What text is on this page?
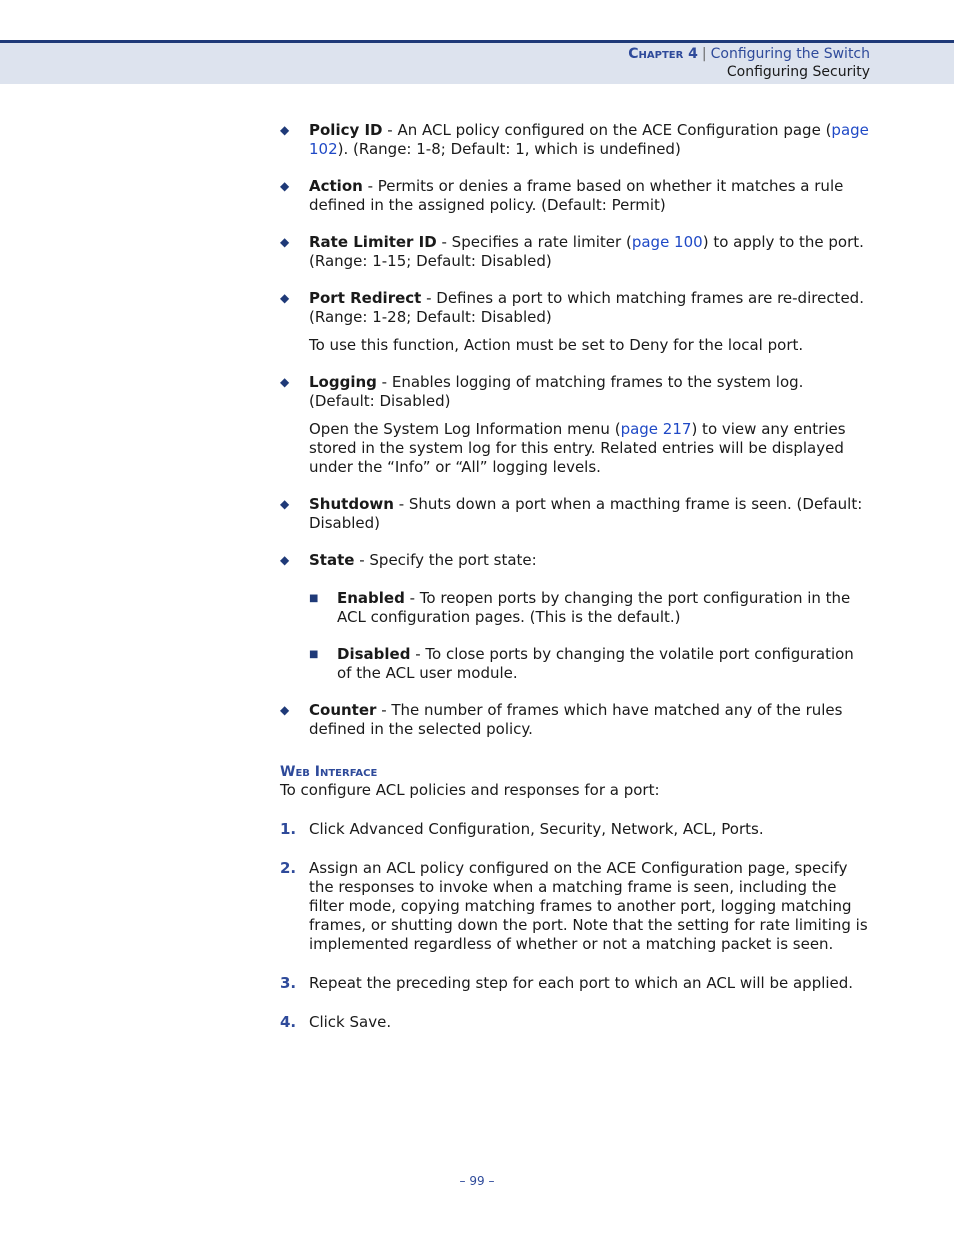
Chapter 4 | Configuring the Switch
Configuring Security
◆ Policy ID - An ACL policy configured on the ACE Configuration page (page 102). (Range: 1-8; Default: 1, which is undefined)

◆ Action - Permits or denies a frame based on whether it matches a rule defined in the assigned policy. (Default: Permit)

◆ Rate Limiter ID - Specifies a rate limiter (page 100) to apply to the port. (Range: 1-15; Default: Disabled)

◆ Port Redirect - Defines a port to which matching frames are re-directed. (Range: 1-28; Default: Disabled)

To use this function, Action must be set to Deny for the local port.

◆ Logging - Enables logging of matching frames to the system log. (Default: Disabled)

Open the System Log Information menu (page 217) to view any entries stored in the system log for this entry. Related entries will be displayed under the “Info” or “All” logging levels.

◆ Shutdown - Shuts down a port when a macthing frame is seen. (Default: Disabled)

◆ State - Specify the port state:

■ Enabled - To reopen ports by changing the port configuration in the ACL configuration pages. (This is the default.)

■ Disabled - To close ports by changing the volatile port configuration of the ACL user module.

◆ Counter - The number of frames which have matched any of the rules defined in the selected policy.

Web Interface

To configure ACL policies and responses for a port:

1. Click Advanced Configuration, Security, Network, ACL, Ports.
2. Assign an ACL policy configured on the ACE Configuration page, specify the responses to invoke when a matching frame is seen, including the filter mode, copying matching frames to another port, logging matching frames, or shutting down the port. Note that the setting for rate limiting is implemented regardless of whether or not a matching packet is seen.
3. Repeat the preceding step for each port to which an ACL will be applied.
4. Click Save.
– 99 –
